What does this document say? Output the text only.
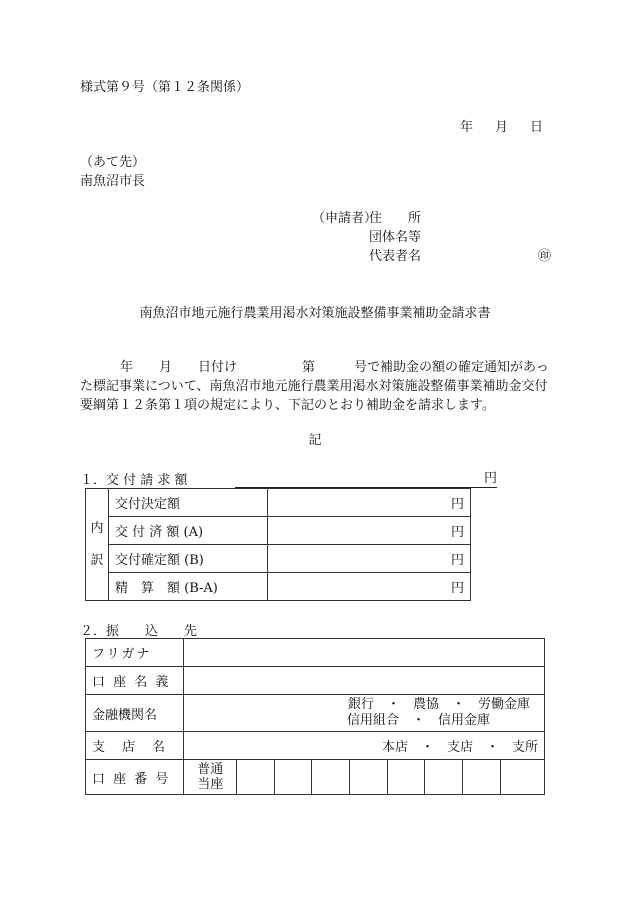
様式第９号（第１２条関係）
年 月 日
（あて先）
南魚沼市長
（申請者）
住　　所
団体名等
代表者名	㊞
南魚沼市地元施行農業用渇水対策施設整備事業補助金請求書
年　　月　　日付け　　　　　第　　　号で補助金の額の確定通知があった標記事業について、南魚沼市地元施行農業用渇水対策施設整備事業補助金交付要綱第１２条第１項の規定により、下記のとおり補助金を請求します。
記
１．交 付 請 求 額	円
内
訳	交付決定額	円
	交 付 済 額 (A)	円
	交付確定額 (B)	円
	精　算　額 (B-A)	円
２．振　　込　　先
フリガナ									
口 座 名 義									
金融機関名	銀行　・　農協　・　労働金庫
信用組合　・　信用金庫								

支　店　名	本店　・　支店　・　支所								
口 座 番 号	普通
当座								
